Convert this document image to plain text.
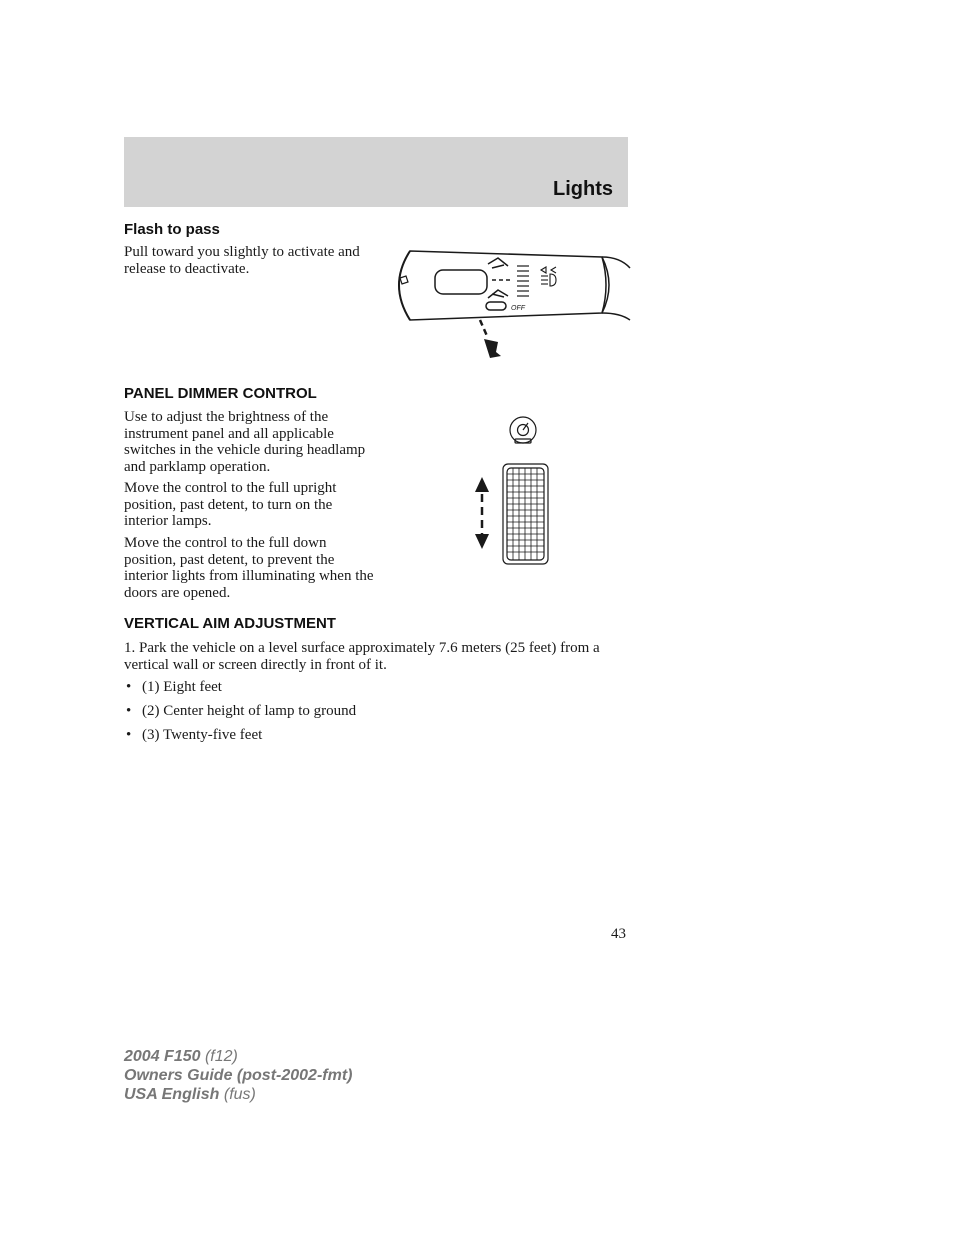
Lights
Flash to pass

Pull toward you slightly to activate and release to deactivate.

OFF
PANEL DIMMER CONTROL

Use to adjust the brightness of the instrument panel and all applicable switches in the vehicle during headlamp and parklamp operation.

Move the control to the full upright position, past detent, to turn on the interior lamps.

Move the control to the full down position, past detent, to prevent the interior lights from illuminating when the doors are opened.

VERTICAL AIM ADJUSTMENT

1. Park the vehicle on a level surface approximately 7.6 meters (25 feet) from a vertical wall or screen directly in front of it.

• (1) Eight feet
• (2) Center height of lamp to ground
• (3) Twenty-five feet
43
2004 F150 (f12)
Owners Guide (post-2002-fmt)
USA English (fus)
